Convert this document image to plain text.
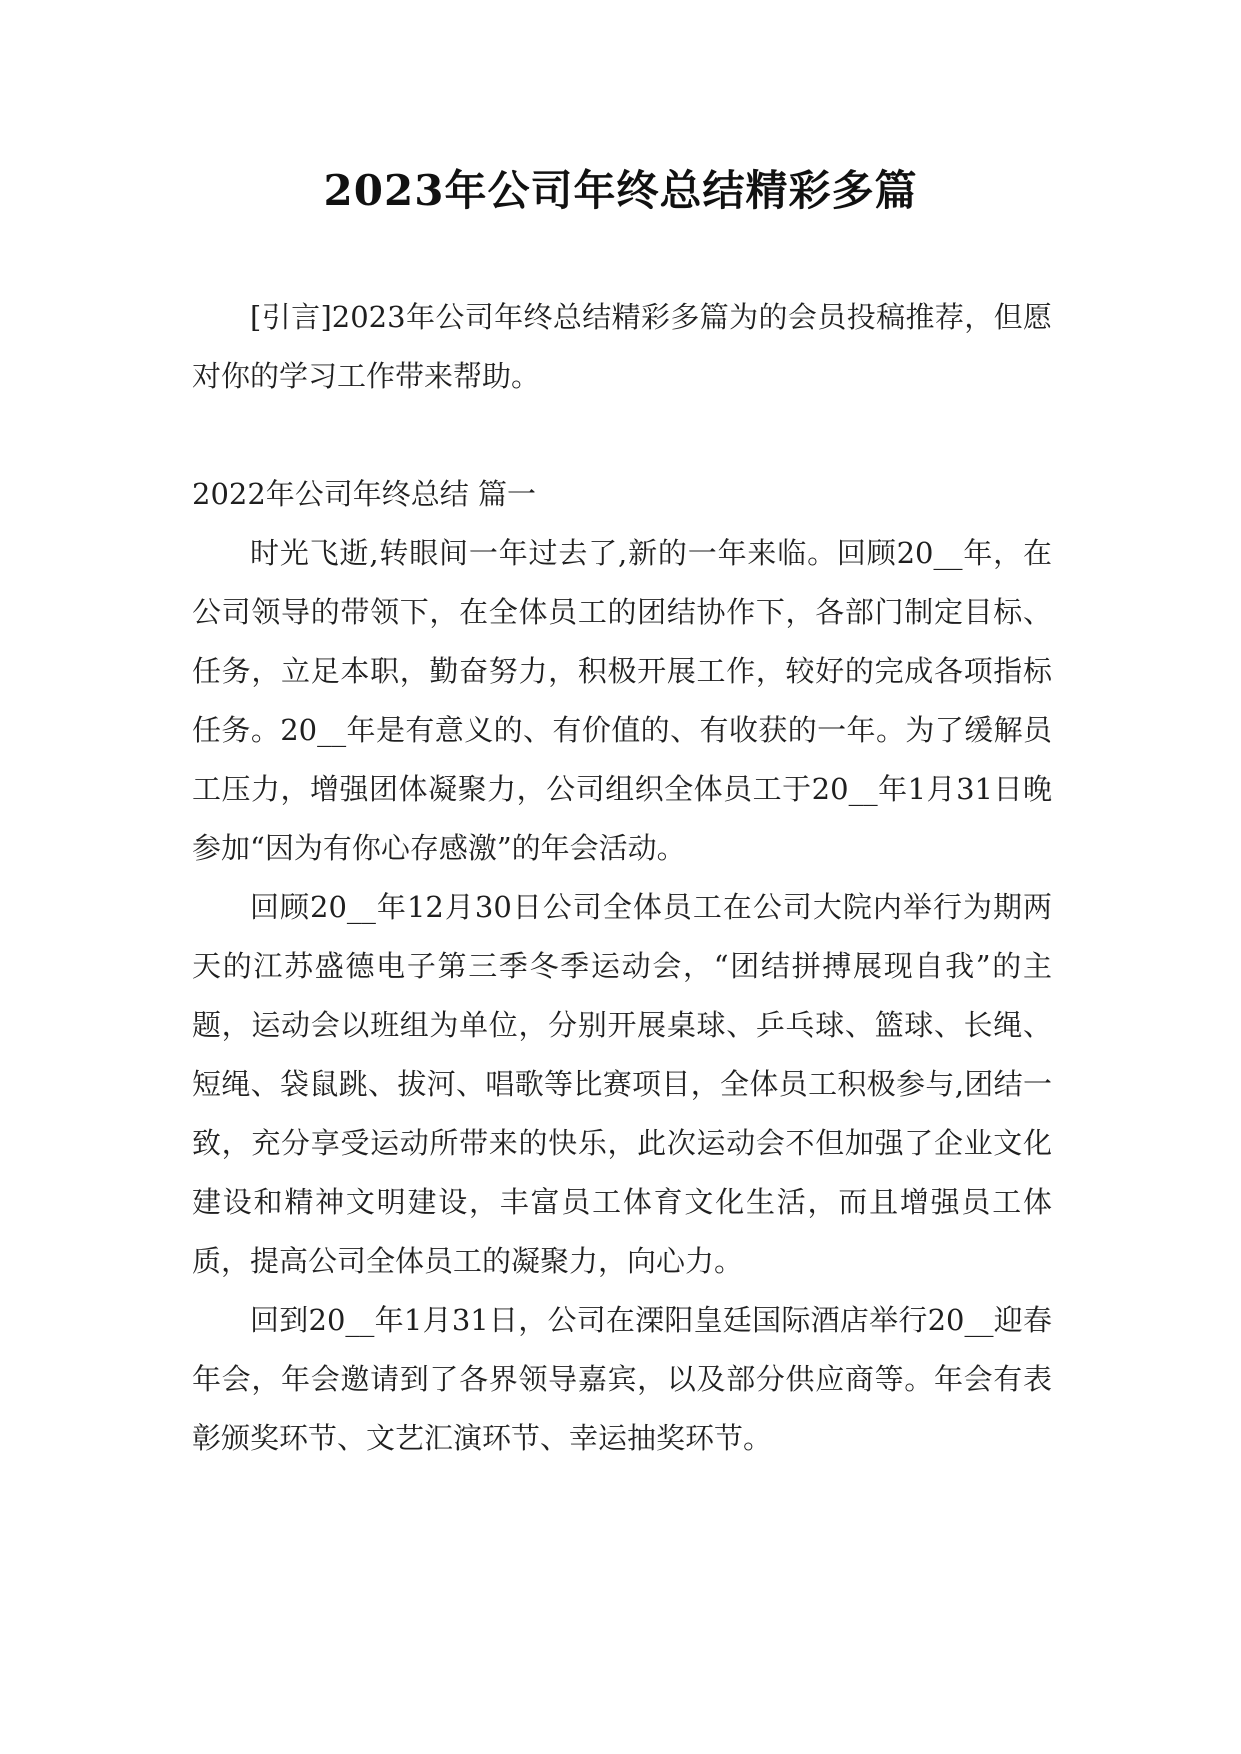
2023年公司年终总结精彩多篇

[引言]2023年公司年终总结精彩多篇为的会员投稿推荐，但愿对你的学习工作带来帮助。

2022年公司年终总结 篇一

时光飞逝,转眼间一年过去了,新的一年来临。回顾20__年，在公司领导的带领下，在全体员工的团结协作下，各部门制定目标、任务，立足本职，勤奋努力，积极开展工作，较好的完成各项指标任务。20__年是有意义的、有价值的、有收获的一年。为了缓解员工压力，增强团体凝聚力，公司组织全体员工于20__年1月31日晚参加“因为有你心存感激”的年会活动。

回顾20__年12月30日公司全体员工在公司大院内举行为期两天的江苏盛德电子第三季冬季运动会，“团结拼搏展现自我”的主题，运动会以班组为单位，分别开展桌球、乒乓球、篮球、长绳、短绳、袋鼠跳、拔河、唱歌等比赛项目，全体员工积极参与,团结一致，充分享受运动所带来的快乐，此次运动会不但加强了企业文化建设和精神文明建设，丰富员工体育文化生活，而且增强员工体质，提高公司全体员工的凝聚力，向心力。

回到20__年1月31日，公司在溧阳皇廷国际酒店举行20__迎春年会，年会邀请到了各界领导嘉宾，以及部分供应商等。年会有表彰颁奖环节、文艺汇演环节、幸运抽奖环节。
